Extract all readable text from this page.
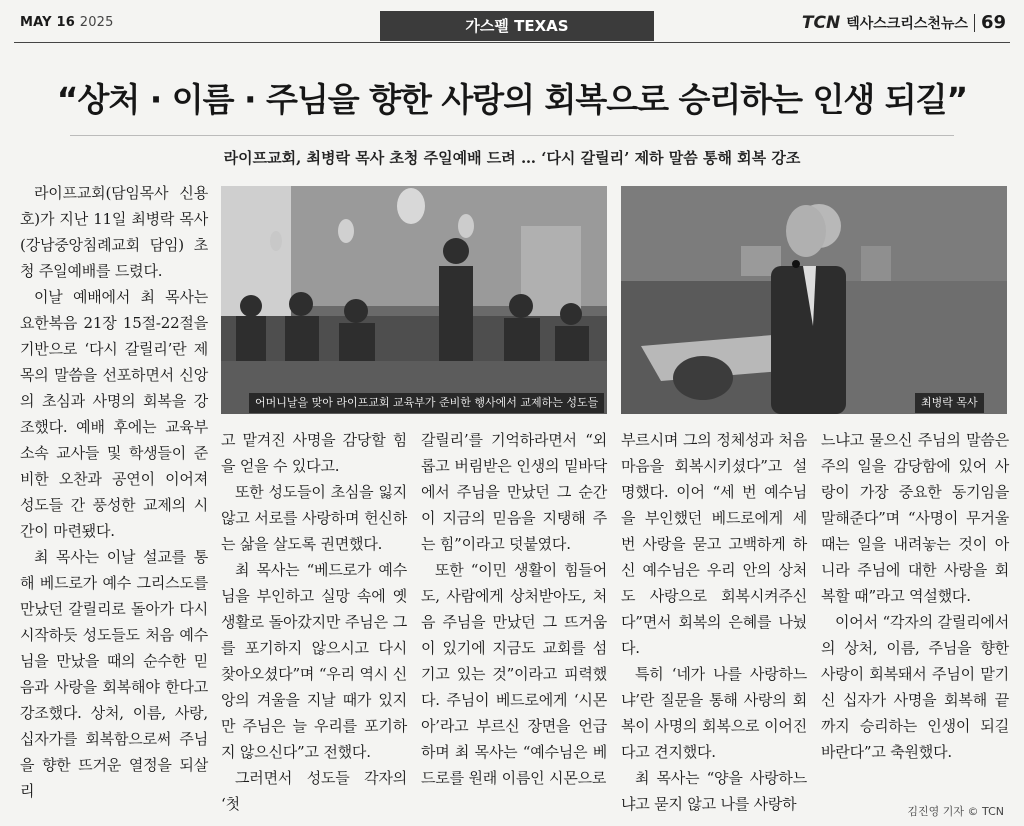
MAY 16 2025	가스펠 TEXAS	TCN 텍사스크리스천뉴스 69
“상처 · 이름 · 주님을 향한 사랑의 회복으로 승리하는 인생 되길”
라이프교회, 최병락 목사 초청 주일예배 드려 … ‘다시 갈릴리’ 제하 말씀 통해 회복 강조

라이프교회(담임목사 신용호)가 지난 11일 최병락 목사(강남중앙침례교회 담임) 초청 주일예배를 드렸다.

이날 예배에서 최 목사는 요한복음 21장 15절-22절을 기반으로 ‘다시 갈릴리’란 제목의 말씀을 선포하면서 신앙의 초심과 사명의 회복을 강조했다. 예배 후에는 교육부 소속 교사들 및 학생들이 준비한 오찬과 공연이 이어져 성도들 간 풍성한 교제의 시간이 마련됐다.

최 목사는 이날 설교를 통해 베드로가 예수 그리스도를 만났던 갈릴리로 돌아가 다시 시작하듯 성도들도 처음 예수님을 만났을 때의 순수한 믿음과 사랑을 회복해야 한다고 강조했다. 상처, 이름, 사랑, 십자가를 회복함으로써 주님을 향한 뜨거운 열정을 되살리

어머니날을 맞아 라이프교회 교육부가 준비한 행사에서 교제하는 성도들	최병락 목사

고 맡겨진 사명을 감당할 힘을 얻을 수 있다고.

또한 성도들이 초심을 잃지 않고 서로를 사랑하며 헌신하는 삶을 살도록 권면했다.

최 목사는 “베드로가 예수님을 부인하고 실망 속에 옛 생활로 돌아갔지만 주님은 그를 포기하지 않으시고 다시 찾아오셨다”며 “우리 역시 신앙의 겨울을 지날 때가 있지만 주님은 늘 우리를 포기하지 않으신다”고 전했다.

그러면서 성도들 각자의 ‘첫

갈릴리’를 기억하라면서 “외롭고 버림받은 인생의 밑바닥에서 주님을 만났던 그 순간이 지금의 믿음을 지탱해 주는 힘”이라고 덧붙였다.

또한 “이민 생활이 힘들어도, 사람에게 상처받아도, 처음 주님을 만났던 그 뜨거움이 있기에 지금도 교회를 섬기고 있는 것”이라고 피력했다. 주님이 베드로에게 ‘시몬아’라고 부르신 장면을 언급하며 최 목사는 “예수님은 베드로를 원래 이름인 시몬으로

부르시며 그의 정체성과 처음 마음을 회복시키셨다”고 설명했다. 이어 “세 번 예수님을 부인했던 베드로에게 세 번 사랑을 묻고 고백하게 하신 예수님은 우리 안의 상처도 사랑으로 회복시켜주신다”면서 회복의 은혜를 나눴다.

특히 ‘네가 나를 사랑하느냐’란 질문을 통해 사랑의 회복이 사명의 회복으로 이어진다고 견지했다.

최 목사는 “양을 사랑하느냐고 묻지 않고 나를 사랑하

느냐고 물으신 주님의 말씀은 주의 일을 감당함에 있어 사랑이 가장 중요한 동기임을 말해준다”며 “사명이 무거울 때는 일을 내려놓는 것이 아니라 주님에 대한 사랑을 회복할 때”라고 역설했다.

이어서 “각자의 갈릴리에서의 상처, 이름, 주님을 향한 사랑이 회복돼서 주님이 맡기신 십자가 사명을 회복해 끝까지 승리하는 인생이 되길 바란다”고 축원했다.

김진영 기자 © TCN
